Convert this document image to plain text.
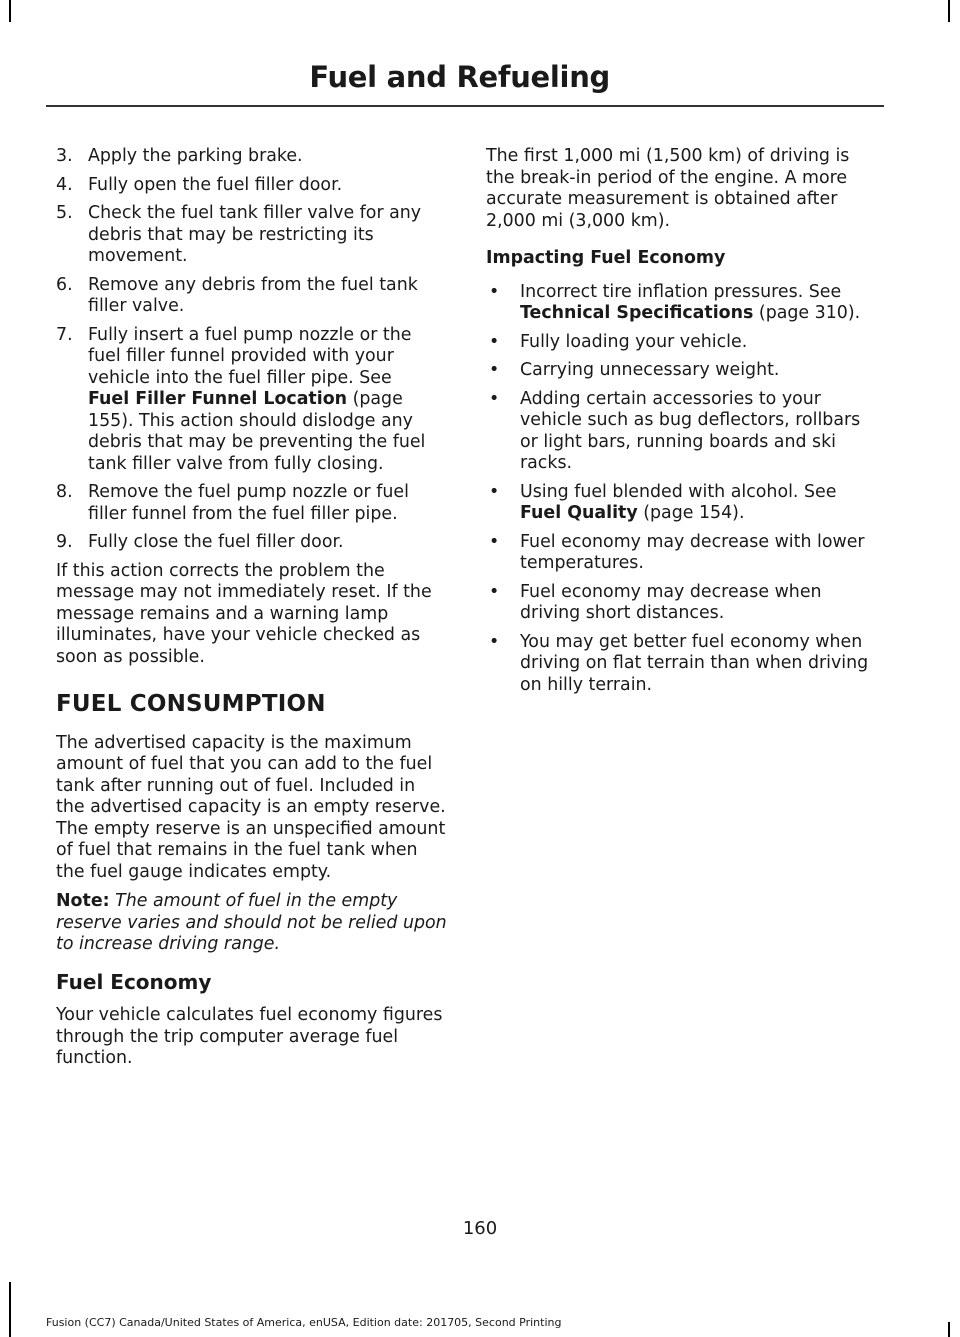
Fuel and Refueling
3. Apply the parking brake.
4. Fully open the fuel filler door.
5. Check the fuel tank filler valve for any debris that may be restricting its movement.
6. Remove any debris from the fuel tank filler valve.
7. Fully insert a fuel pump nozzle or the fuel filler funnel provided with your vehicle into the fuel filler pipe. See
Fuel Filler Funnel Location (page 155). This action should dislodge any debris that may be preventing the fuel tank filler valve from fully closing.
8. Remove the fuel pump nozzle or fuel filler funnel from the fuel filler pipe.
9. Fully close the fuel filler door.

If this action corrects the problem the message may not immediately reset. If the message remains and a warning lamp illuminates, have your vehicle checked as soon as possible.

FUEL CONSUMPTION

The advertised capacity is the maximum amount of fuel that you can add to the fuel tank after running out of fuel. Included in the advertised capacity is an empty reserve. The empty reserve is an unspecified amount of fuel that remains in the fuel tank when the fuel gauge indicates empty.

Note: The amount of fuel in the empty reserve varies and should not be relied upon to increase driving range.

Fuel Economy

Your vehicle calculates fuel economy figures through the trip computer average fuel function.

The first 1,000 mi (1,500 km) of driving is the break-in period of the engine. A more accurate measurement is obtained after 2,000 mi (3,000 km).

Impacting Fuel Economy
• Incorrect tire inflation pressures. See Technical Specifications (page 310).
• Fully loading your vehicle.
• Carrying unnecessary weight.
• Adding certain accessories to your vehicle such as bug deflectors, rollbars or light bars, running boards and ski racks.
• Using fuel blended with alcohol. See Fuel Quality (page 154).
• Fuel economy may decrease with lower temperatures.
• Fuel economy may decrease when driving short distances.
• You may get better fuel economy when driving on flat terrain than when driving on hilly terrain.
160
Fusion (CC7) Canada/United States of America, enUSA, Edition date: 201705, Second Printing
